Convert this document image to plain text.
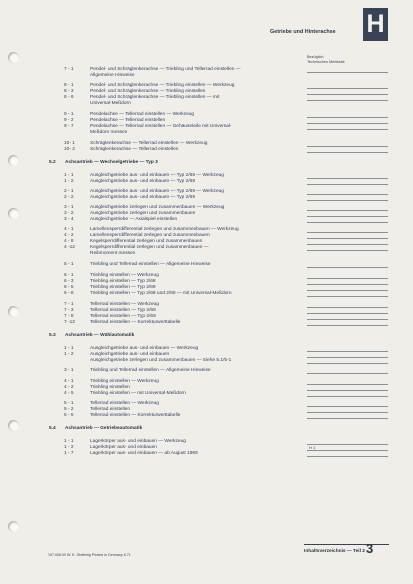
Getriebe und Hinterachse H
Bezüglich
Technisches Merkblatt
7 - 1	Pendel- und Schräglenkerachse — Triebling und Tellerrad einstellen —
Allgemeine Hinweise
8 - 1	Pendel- und Schräglenkerachse — Triebling einstellen — Werkzeug
8 - 3	Pendel- und Schräglenkerachse — Triebling einstellen
8 - 6	Pendel- und Schräglenkerachse — Triebling einstellen — mit
Universal-Meßdorn
9 - 1	Pendelachse — Tellerrad einstellen — Werkzeug
9 - 2	Pendelachse — Tellerrad einstellen
9 - 7	Pendelachse — Tellerrad einstellen — Gehäuseteile mit Universal-
Meßdorn messen
10- 1	Schräglenkerachse — Tellerrad einstellen — Werkzeug
10- 2	Schräglenkerachse — Tellerrad einstellen
5.2 Achsantrieb — Wechselgetriebe — Typ 3
1 - 1	Ausgleichgetriebe aus- und einbauen — Typ 2/68 — Werkzeug
1 - 2	Ausgleichgetriebe aus- und einbauen — Typ 2/68
2 - 1	Ausgleichgetriebe aus- und einbauen — Typ 2/69 — Werkzeug
2 - 2	Ausgleichgetriebe aus- und einbauen — Typ 2/69
3 - 1	Ausgleichgetriebe zerlegen und zusammenbauen — Werkzeug
3 - 2	Ausgleichgetriebe zerlegen und zusammenbauen
3 - 4	Ausgleichgetriebe — Axialspiel einstellen
4 - 1	Lamellensperrdifferential zerlegen und zusammenbauen — Werkzeug
4 - 2	Lamellensperrdifferential zerlegen und zusammenbauen
4 - 8	Kegelsperrdifferential zerlegen und zusammenbauen
4 -12	Kegelsperrdifferential zerlegen und zusammenbauen —
Reibmoment messen
5 - 1	Triebling und Tellerrad einstellen — Allgemeine Hinweise
6 - 1	Triebling einstellen — Werkzeug
6 - 3	Triebling einstellen — Typ 2/68
6 - 5	Triebling einstellen — Typ 2/69
6 - 8	Triebling einstellen — Typ 2/68 und 2/69 — mit Universal-Meßdorn
7 - 1	Tellerrad einstellen — Werkzeug
7 - 3	Tellerrad einstellen — Typ 2/68
7 - 8	Tellerrad einstellen — Typ 2/69
7 -12	Tellerrad einstellen — Korrekturwerttabelle
5.3 Achsantrieb — Wählautomatik
1 - 1	Ausgleichgetriebe aus- und einbauen — Werkzeug
1 - 2	Ausgleichgetriebe aus- und einbauen
Ausgleichgetriebe zerlegen und zusammenbauen — Siehe 5.1/5-1
3 - 1	Triebling und Tellerrad einstellen — Allgemeine Hinweise
4 - 1	Triebling einstellen — Werkzeug
4 - 2	Triebling einstellen
4 - 5	Triebling einstellen — mit Universal-Meßdorn
5 - 1	Tellerrad einstellen — Werkzeug
5 - 2	Tellerrad einstellen
5 - 6	Tellerrad einstellen — Korrekturwerttabelle
5.4 Achsantrieb — Getriebeautomatik
1 - 1	Lagerkörper aus- und einbauen — Werkzeug
1 - 2	Lagerkörper aus- und einbauen	H 1
1 - 7	Lagerkörper aus- und einbauen — ab August 1969
197.006.00 W. E. Stoftelrig Printed in Germany 6.71
Inhaltsverzeichnis — Teil 2 3
